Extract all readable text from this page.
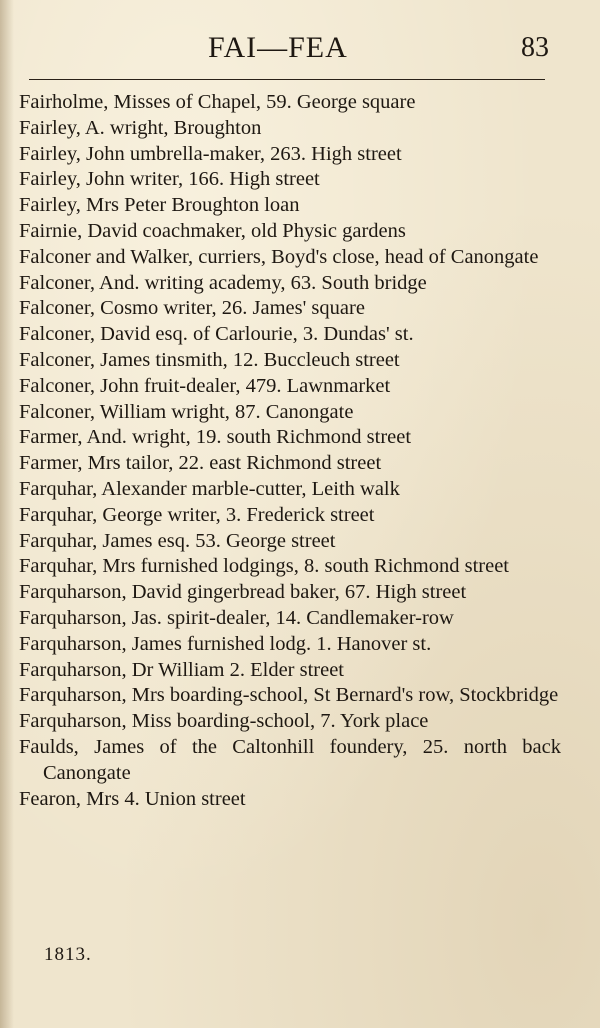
FAI—FEA	83

Fairholme, Misses of Chapel, 59. George square

Fairley, A. wright, Broughton

Fairley, John umbrella-maker, 263. High street

Fairley, John writer, 166. High street

Fairley, Mrs Peter Broughton loan

Fairnie, David coachmaker, old Physic gardens

Falconer and Walker, curriers, Boyd's close, head of Canongate

Falconer, And. writing academy, 63. South bridge

Falconer, Cosmo writer, 26. James' square

Falconer, David esq. of Carlourie, 3. Dundas' st.

Falconer, James tinsmith, 12. Buccleuch street

Falconer, John fruit-dealer, 479. Lawnmarket

Falconer, William wright, 87. Canongate

Farmer, And. wright, 19. south Richmond street

Farmer, Mrs tailor, 22. east Richmond street

Farquhar, Alexander marble-cutter, Leith walk

Farquhar, George writer, 3. Frederick street

Farquhar, James esq. 53. George street

Farquhar, Mrs furnished lodgings, 8. south Richmond street

Farquharson, David gingerbread baker, 67. High street

Farquharson, Jas. spirit-dealer, 14. Candlemaker-row

Farquharson, James furnished lodg. 1. Hanover st.

Farquharson, Dr William 2. Elder street

Farquharson, Mrs boarding-school, St Bernard's row, Stockbridge

Farquharson, Miss boarding-school, 7. York place

Faulds, James of the Caltonhill foundery, 25. north back Canongate

Fearon, Mrs 4. Union street

1813.
